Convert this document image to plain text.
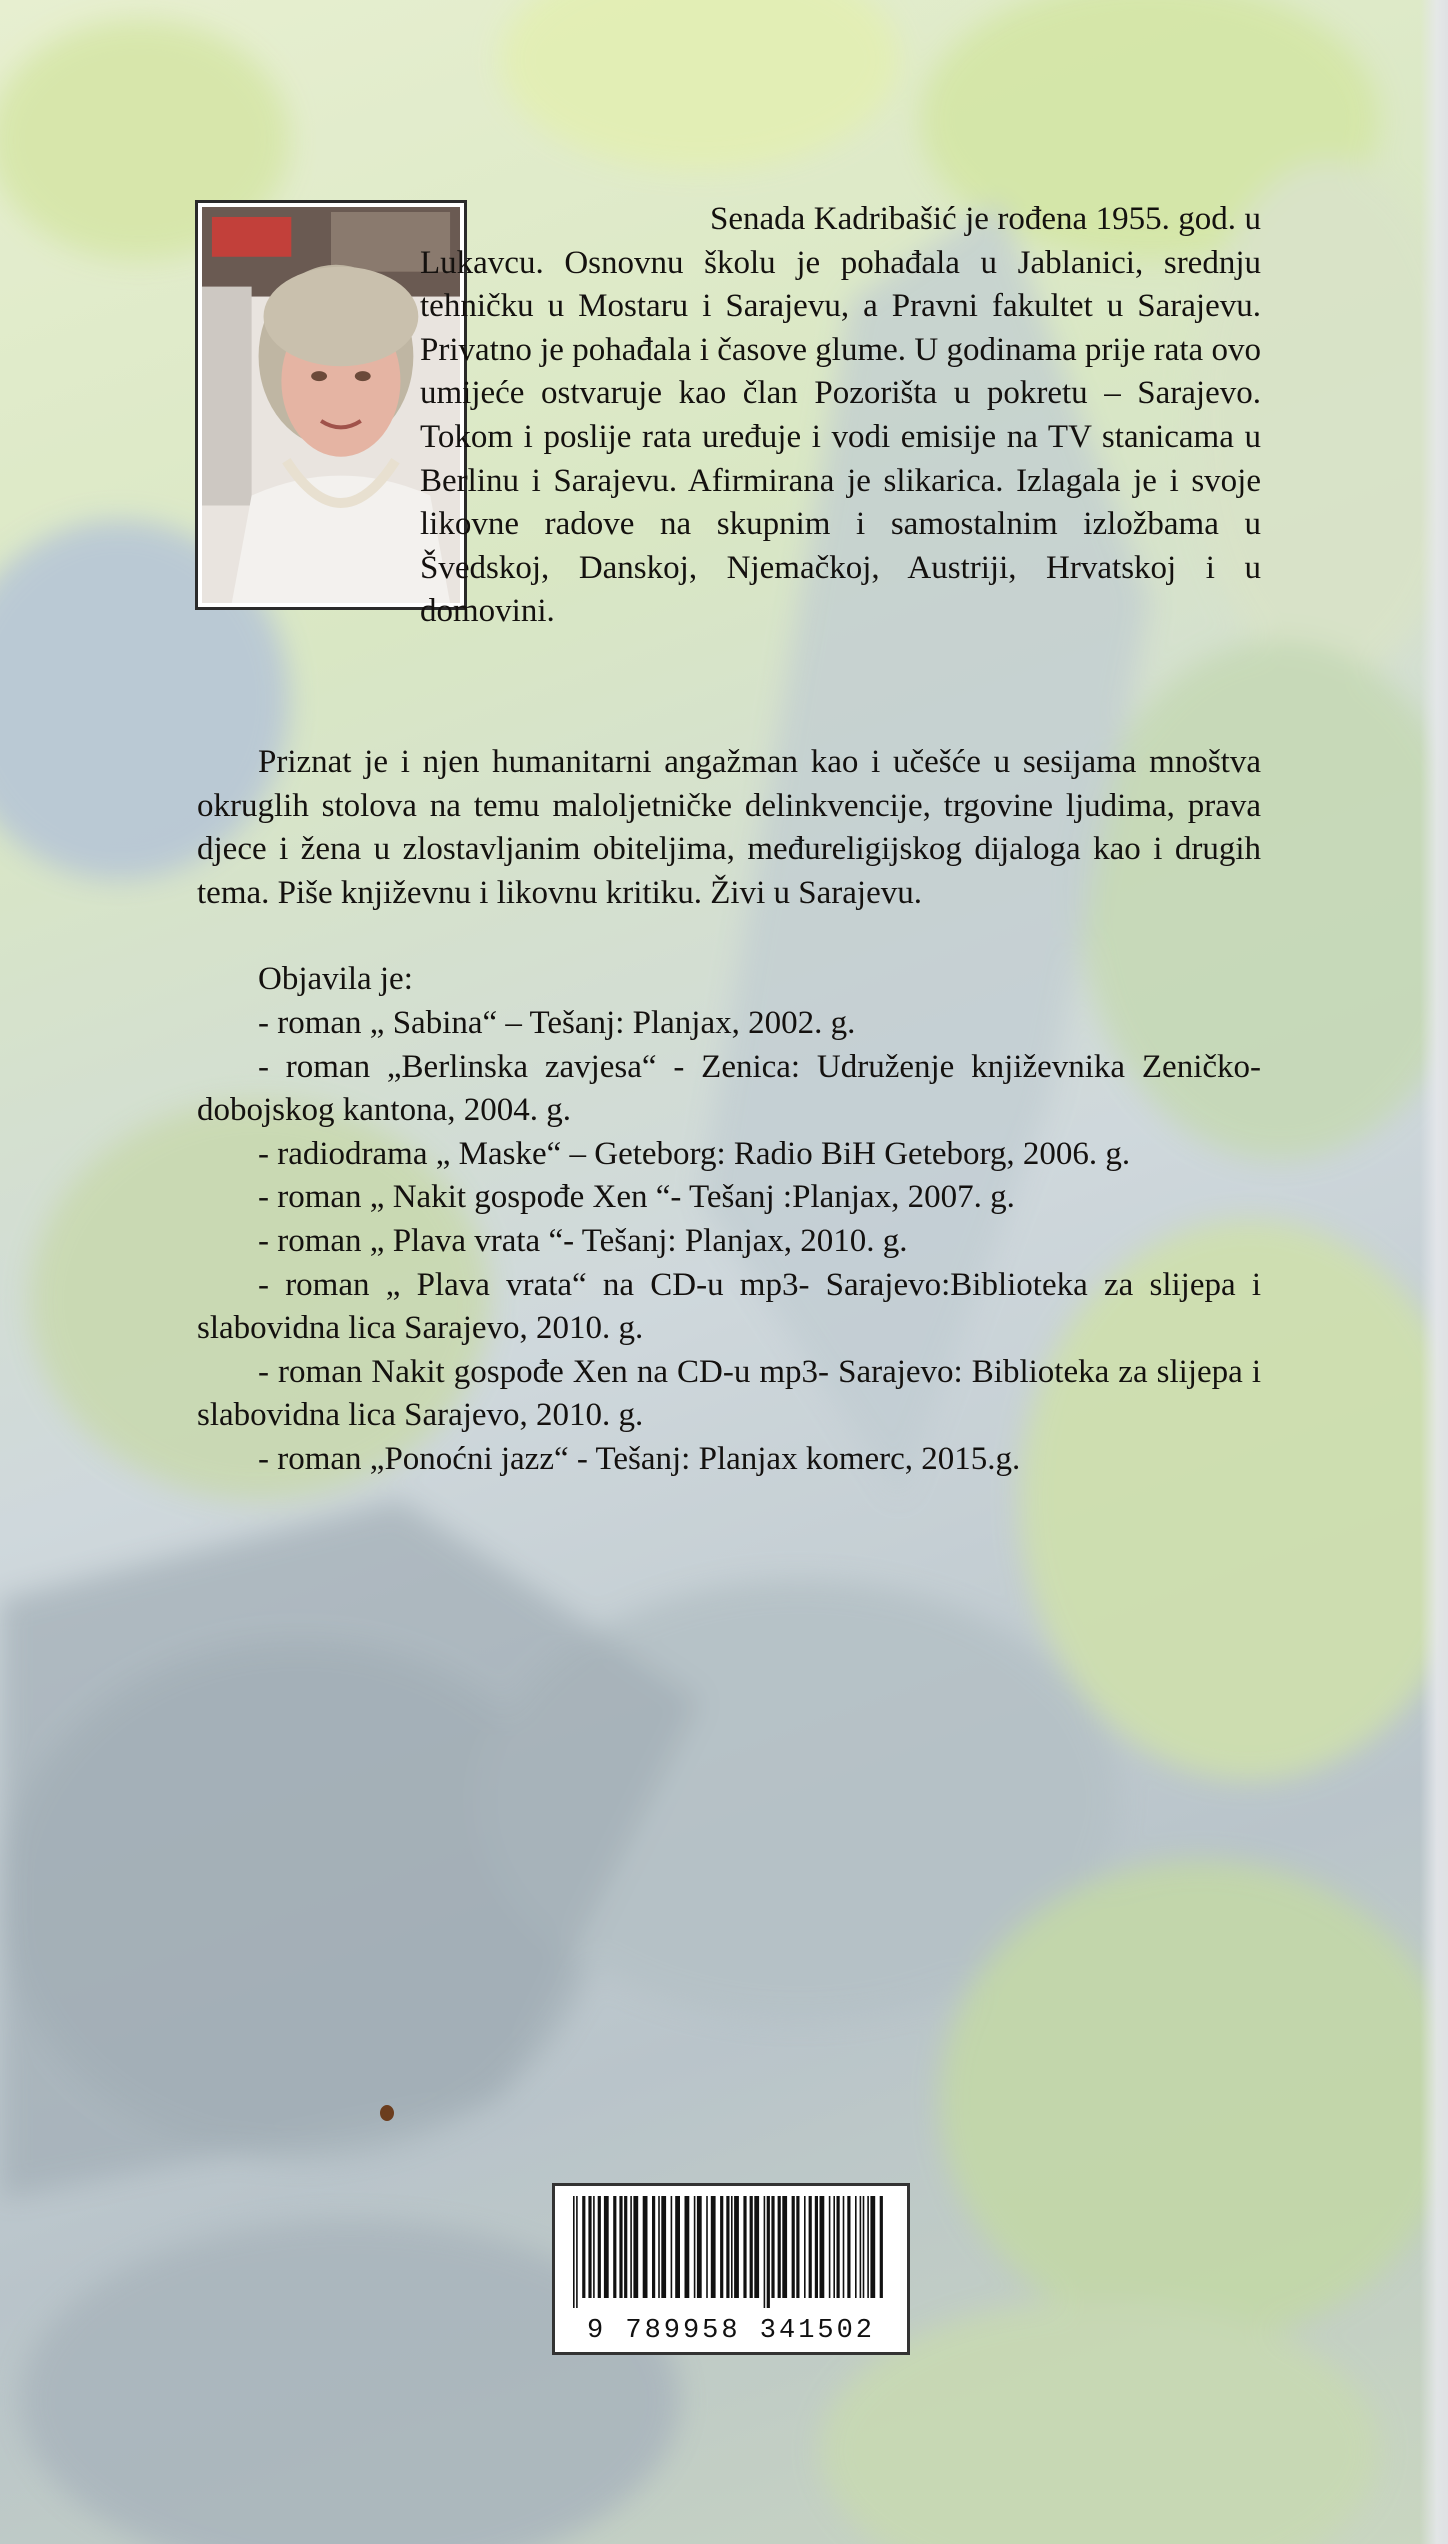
Senada Kadribašić je rođena 1955. god. u Lukavcu. Osnovnu školu je pohađala u Jablanici, srednju tehničku u Mostaru i Sarajevu, a Pravni fakultet u Sarajevu. Privatno je pohađala i časove glume. U godinama prije rata ovo umijeće ostvaruje kao član Pozorišta u pokretu – Sarajevo. Tokom i poslije rata uređuje i vodi emisije na TV stanicama u Berlinu i Sarajevu. Afirmirana je slikarica. Izlagala je i svoje likovne radove na skupnim i samostalnim izložbama u Švedskoj, Danskoj, Njemačkoj, Austriji, Hrvatskoj i u domovini.

Priznat je i njen humanitarni angažman kao i učešće u sesijama mnoštva okruglih stolova na temu maloljetničke delinkvencije, trgovine ljudima, prava djece i žena u zlostavljanim obiteljima, međureligijskog dijaloga kao i drugih tema. Piše književnu i likovnu kritiku. Živi u Sarajevu.

Objavila je:

- roman „ Sabina“ – Tešanj: Planjax, 2002. g.
- roman „Berlinska zavjesa“ - Zenica: Udruženje književnika Zeničko-dobojskog kantona, 2004. g.
- radiodrama „ Maske“ – Geteborg: Radio BiH Geteborg, 2006. g.
- roman „ Nakit gospođe Xen “- Tešanj :Planjax, 2007. g.
- roman „ Plava vrata “- Tešanj: Planjax, 2010. g.
- roman „ Plava vrata“ na CD-u mp3- Sarajevo:Biblioteka za slijepa i slabovidna lica Sarajevo, 2010. g.
- roman Nakit gospođe Xen na CD-u mp3- Sarajevo: Biblioteka za slijepa i slabovidna lica Sarajevo, 2010. g.
- roman „Ponoćni jazz“ - Tešanj: Planjax komerc, 2015.g.
9 789958 341502
